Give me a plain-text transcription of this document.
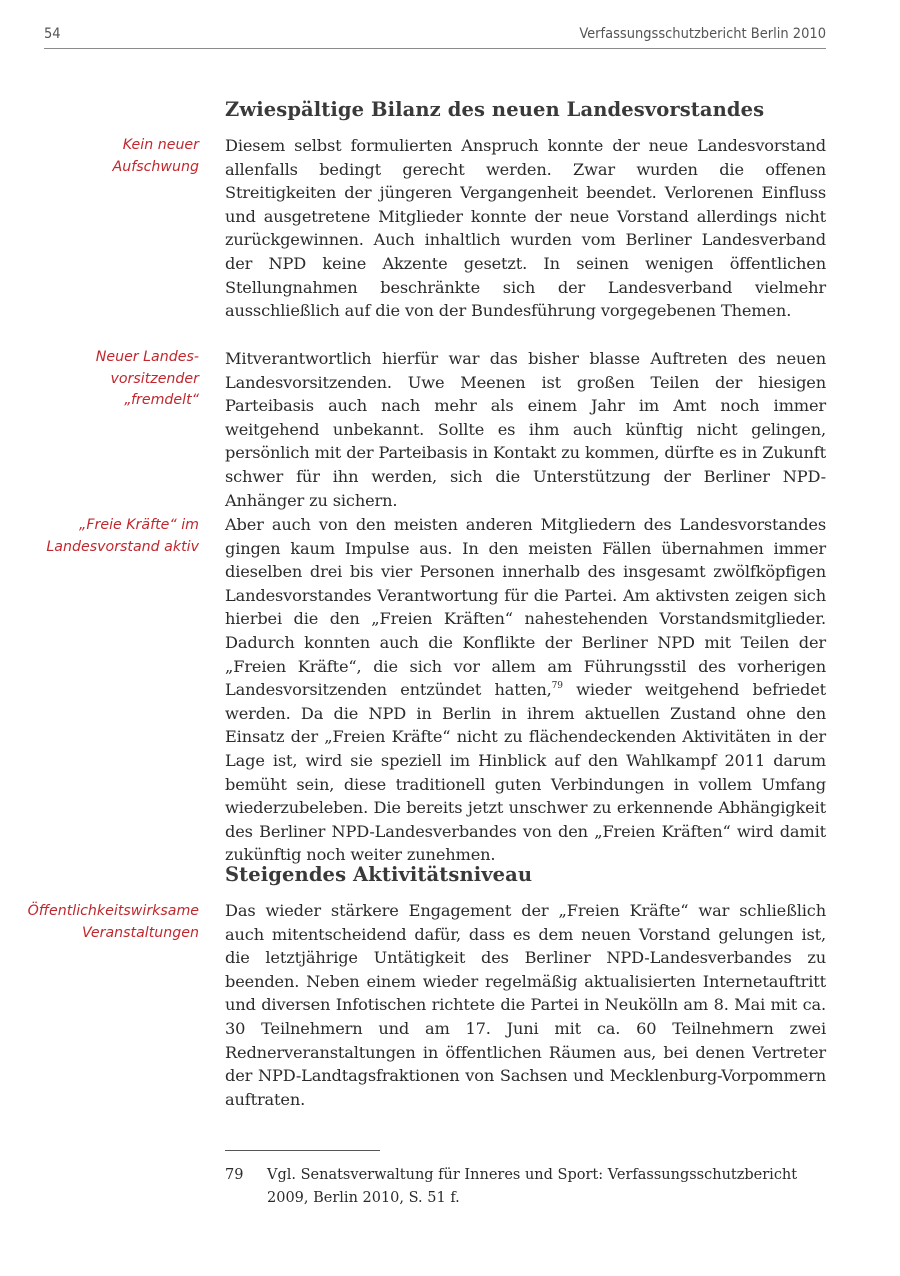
54	Verfassungsschutzbericht Berlin 2010
Zwiespältige Bilanz des neuen Landesvorstandes
Kein neuer
Aufschwung

Diesem selbst formulierten Anspruch konnte der neue Landesvorstand allenfalls bedingt gerecht werden. Zwar wurden die offenen Streitigkeiten der jüngeren Vergangenheit beendet. Verlorenen Einfluss und ausgetretene Mitglieder konnte der neue Vorstand allerdings nicht zurückgewinnen. Auch inhaltlich wurden vom Berliner Landesverband der NPD keine Akzente gesetzt. In seinen wenigen öffentlichen Stellungnahmen beschränkte sich der Landesverband vielmehr ausschließlich auf die von der Bundesführung vorgegebenen Themen.

Neuer Landes-
vorsitzender
„fremdelt“

Mitverantwortlich hierfür war das bisher blasse Auftreten des neuen Landesvorsitzenden. Uwe Meenen ist großen Teilen der hiesigen Parteibasis auch nach mehr als einem Jahr im Amt noch immer weitgehend unbekannt. Sollte es ihm auch künftig nicht gelingen, persönlich mit der Parteibasis in Kontakt zu kommen, dürfte es in Zukunft schwer für ihn werden, sich die Unterstützung der Berliner NPD-Anhänger zu sichern.

„Freie Kräfte“ im
Landesvorstand aktiv

Aber auch von den meisten anderen Mitgliedern des Landesvorstandes gingen kaum Impulse aus. In den meisten Fällen übernahmen immer dieselben drei bis vier Personen innerhalb des insgesamt zwölfköpfigen Landesvorstandes Verantwortung für die Partei. Am aktivsten zeigen sich hierbei die den „Freien Kräften“ nahestehenden Vorstandsmitglieder. Dadurch konnten auch die Konflikte der Berliner NPD mit Teilen der „Freien Kräfte“, die sich vor allem am Führungsstil des vorherigen Landesvorsitzenden entzündet hatten,$^{79}$ wieder weitgehend befriedet werden. Da die NPD in Berlin in ihrem aktuellen Zustand ohne den Einsatz der „Freien Kräfte“ nicht zu flächendeckenden Aktivitäten in der Lage ist, wird sie speziell im Hinblick auf den Wahlkampf 2011 darum bemüht sein, diese traditionell guten Verbindungen in vollem Umfang wiederzubeleben. Die bereits jetzt unschwer zu erkennende Abhängigkeit des Berliner NPD-Landesverbandes von den „Freien Kräften“ wird damit zukünftig noch weiter zunehmen.

Steigendes Aktivitätsniveau
Öffentlichkeitswirksame
Veranstaltungen

Das wieder stärkere Engagement der „Freien Kräfte“ war schließlich auch mitentscheidend dafür, dass es dem neuen Vorstand gelungen ist, die letztjährige Untätigkeit des Berliner NPD-Landesverbandes zu beenden. Neben einem wieder regelmäßig aktualisierten Internetauftritt und diversen Infotischen richtete die Partei in Neukölln am 8. Mai mit ca. 30 Teilnehmern und am 17. Juni mit ca. 60 Teilnehmern zwei Rednerveranstaltungen in öffentlichen Räumen aus, bei denen Vertreter der NPD-Landtagsfraktionen von Sachsen und Mecklenburg-Vorpommern auftraten.

79 Vgl. Senatsverwaltung für Inneres und Sport: Verfassungsschutzbericht 2009, Berlin 2010, S. 51 f.
